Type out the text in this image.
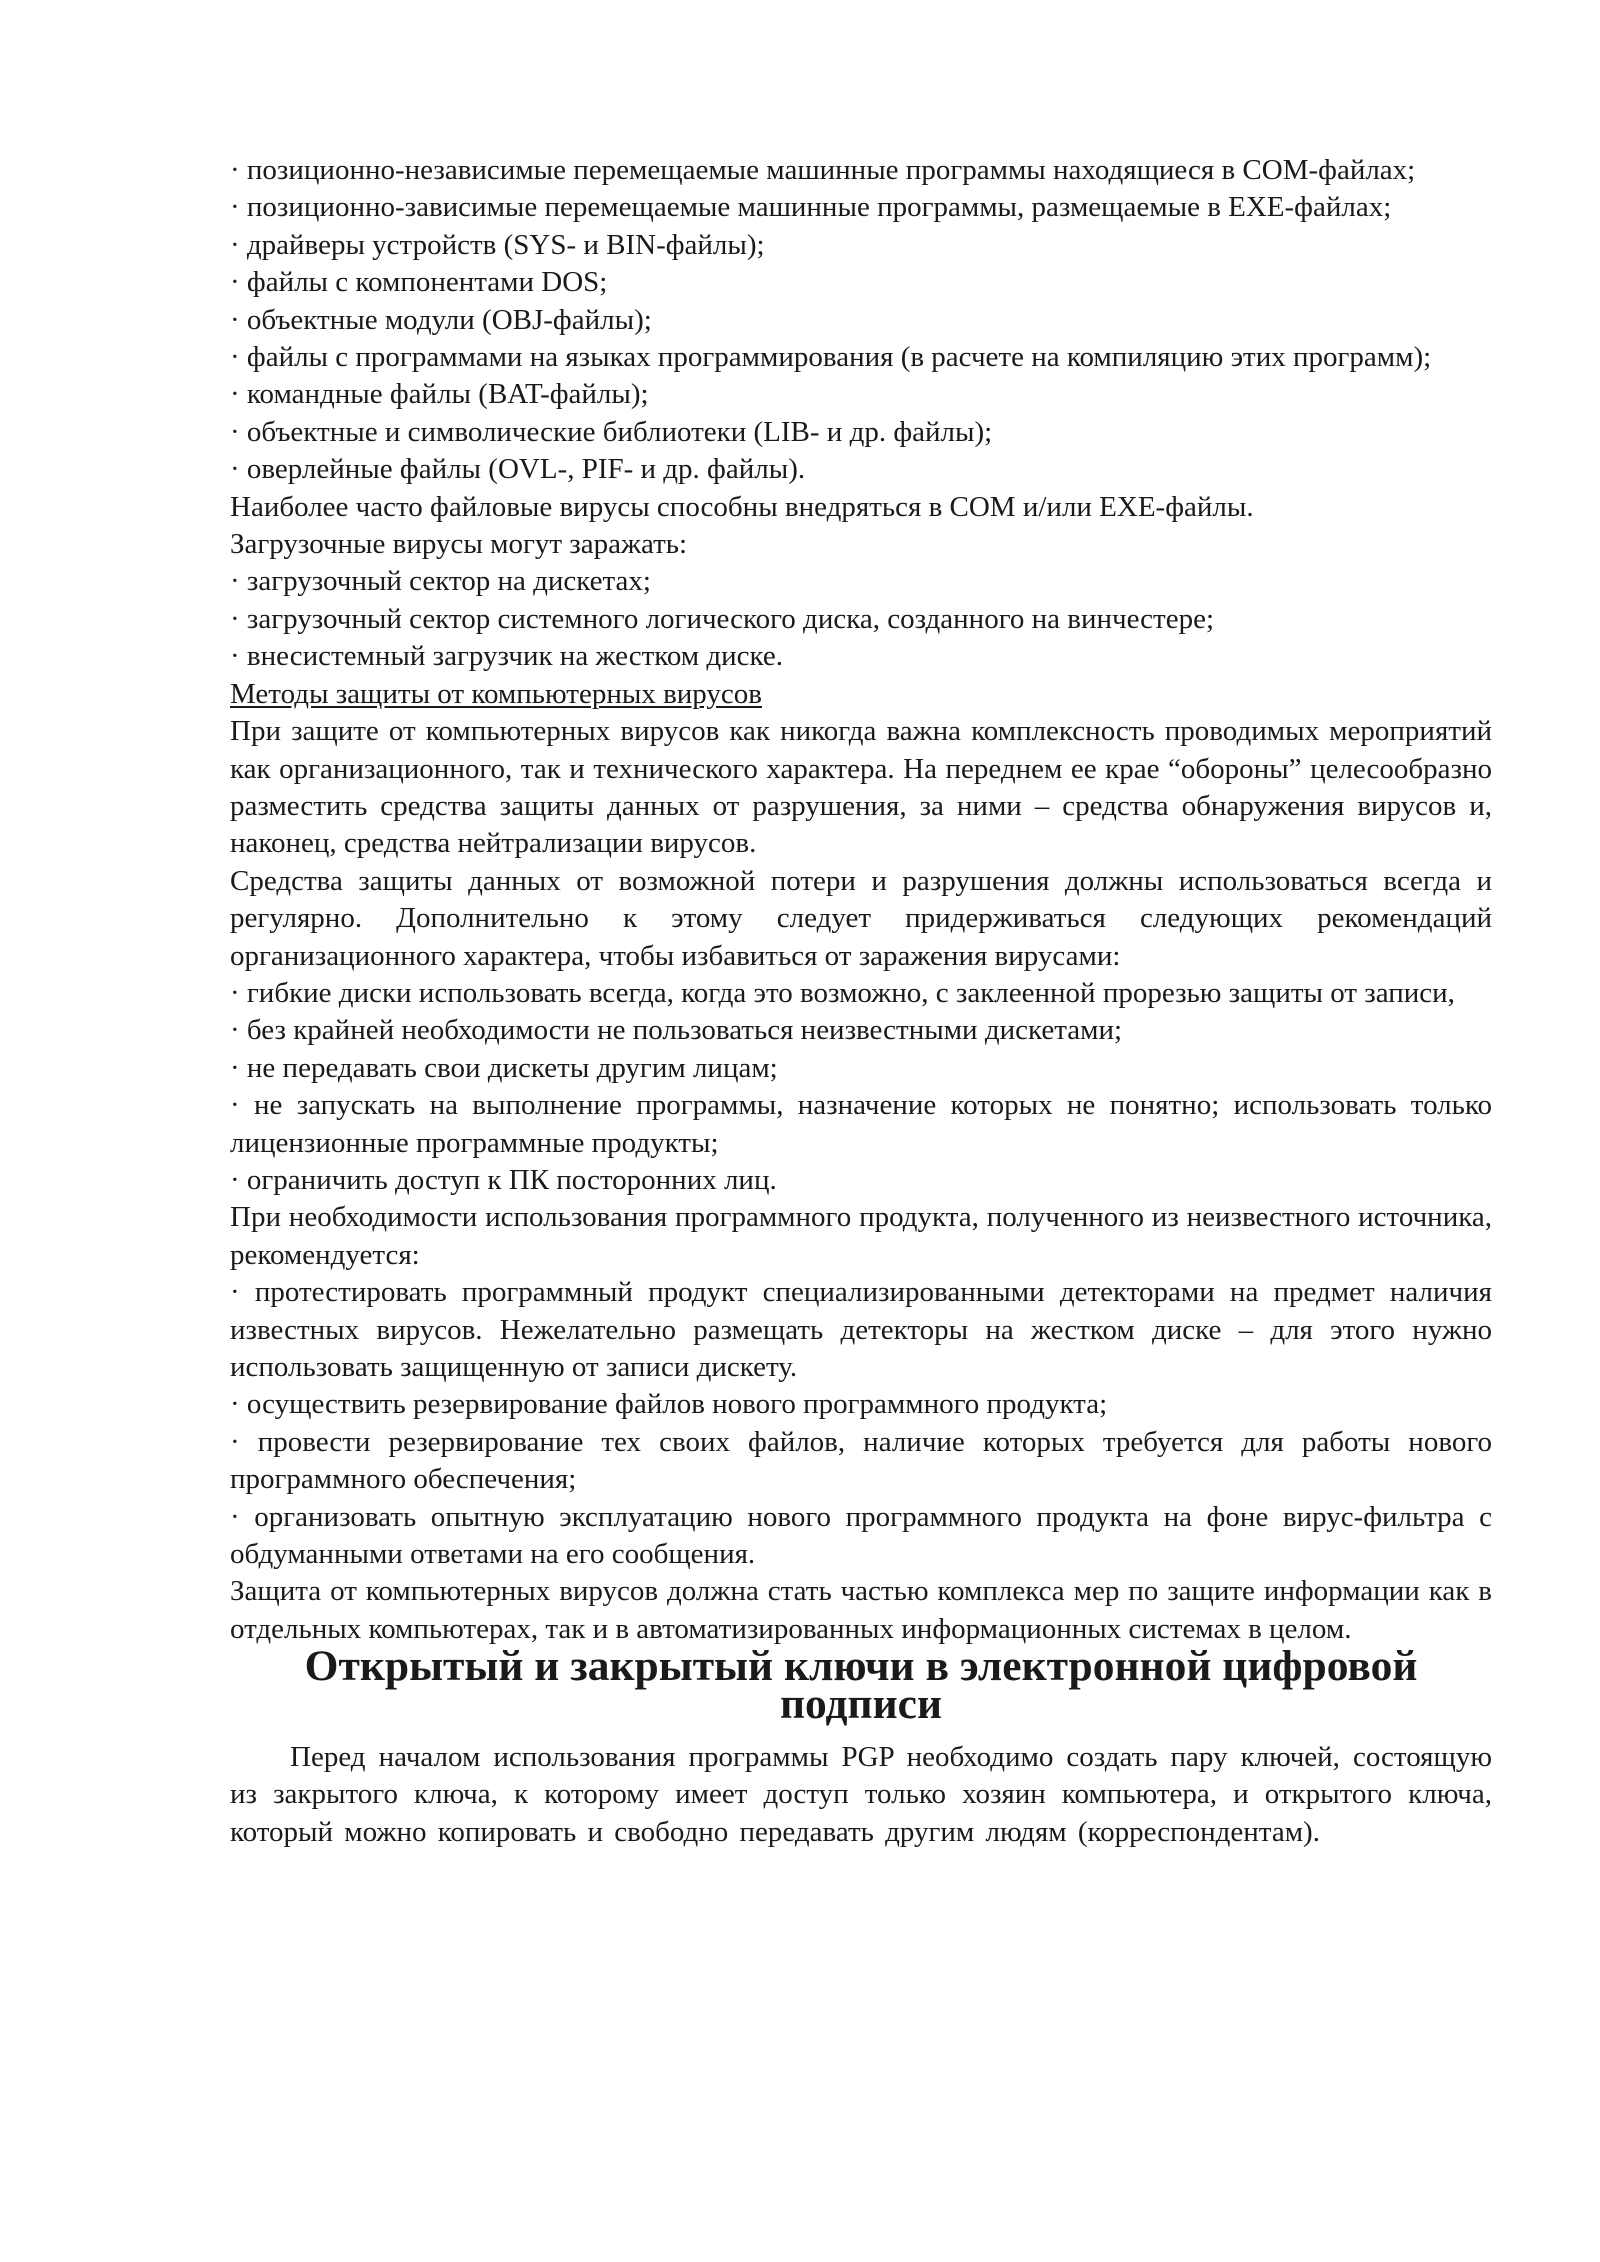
· позиционно-независимые перемещаемые машинные программы находящиеся в COM-файлах;

· позиционно-зависимые перемещаемые машинные программы, размещаемые в EXE-файлах;

· драйверы устройств (SYS- и BIN-файлы);

· файлы с компонентами DOS;

· объектные модули (OBJ-файлы);

· файлы с программами на языках программирования (в расчете на компиляцию этих программ);

· командные файлы (BAT-файлы);

· объектные и символические библиотеки (LIB- и др. файлы);

· оверлейные файлы (OVL-, PIF- и др. файлы).

Наиболее часто файловые вирусы способны внедряться в COM и/или EXE-файлы.

Загрузочные вирусы могут заражать:

· загрузочный сектор на дискетах;

· загрузочный сектор системного логического диска, созданного на винчестере;

· внесистемный загрузчик на жестком диске.

Методы защиты от компьютерных вирусов

При защите от компьютерных вирусов как никогда важна комплексность проводимых мероприятий как организационного, так и технического характера. На переднем ее крае “обороны” целесообразно разместить средства защиты данных от разрушения, за ними – средства обнаружения вирусов и, наконец, средства нейтрализации вирусов.

Средства защиты данных от возможной потери и разрушения должны использоваться всегда и регулярно. Дополнительно к этому следует придерживаться следующих рекомендаций организационного характера, чтобы избавиться от заражения вирусами:

· гибкие диски использовать всегда, когда это возможно, с заклеенной прорезью защиты от записи,

· без крайней необходимости не пользоваться неизвестными дискетами;

· не передавать свои дискеты другим лицам;

· не запускать на выполнение программы, назначение которых не понятно; использовать только лицензионные программные продукты;

· ограничить доступ к ПК посторонних лиц.

При необходимости использования программного продукта, полученного из неизвестного источника, рекомендуется:

· протестировать программный продукт специализированными детекторами на предмет наличия известных вирусов. Нежелательно размещать детекторы на жестком диске – для этого нужно использовать защищенную от записи дискету.

· осуществить резервирование файлов нового программного продукта;

· провести резервирование тех своих файлов, наличие которых требуется для работы нового программного обеспечения;

· организовать опытную эксплуатацию нового программного продукта на фоне вирус-фильтра с обдуманными ответами на его сообщения.

Защита от компьютерных вирусов должна стать частью комплекса мер по защите информации как в отдельных компьютерах, так и в автоматизированных информационных системах в целом.

Открытый и закрытый ключи в электронной цифровой подписи

Перед началом использования программы PGP необходимо создать пару ключей, состоящую из закрытого ключа, к которому имеет доступ только хозяин компьютера, и открытого ключа, который можно копировать и свободно передавать другим людям (корреспондентам).
